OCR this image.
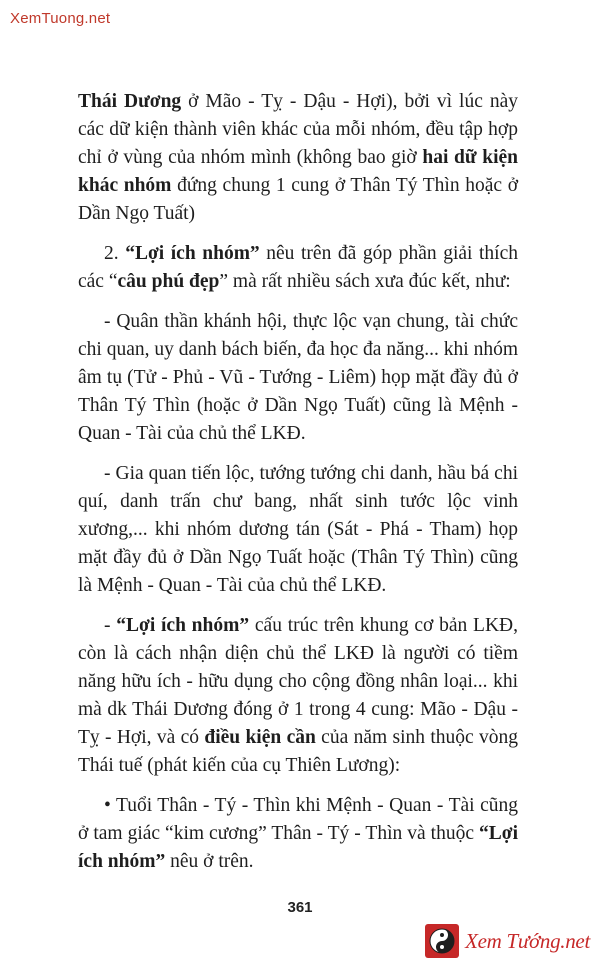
XemTuong.net

Thái Dương ở Mão - Tỵ - Dậu - Hợi), bởi vì lúc này các dữ kiện thành viên khác của mỗi nhóm, đều tập hợp chỉ ở vùng của nhóm mình (không bao giờ hai dữ kiện khác nhóm đứng chung 1 cung ở Thân Tý Thìn hoặc ở Dần Ngọ Tuất)

2. “Lợi ích nhóm” nêu trên đã góp phần giải thích các “câu phú đẹp” mà rất nhiều sách xưa đúc kết, như:

- Quân thần khánh hội, thực lộc vạn chung, tài chức chi quan, uy danh bách biến, đa học đa năng... khi nhóm âm tụ (Tử - Phủ - Vũ - Tướng - Liêm) họp mặt đầy đủ ở Thân Tý Thìn (hoặc ở Dần Ngọ Tuất) cũng là Mệnh - Quan - Tài của chủ thể LKĐ.

- Gia quan tiến lộc, tướng tướng chi danh, hầu bá chi quí, danh trấn chư bang, nhất sinh tước lộc vinh xương,... khi nhóm dương tán (Sát - Phá - Tham) họp mặt đầy đủ ở Dần Ngọ Tuất hoặc (Thân Tý Thìn) cũng là Mệnh - Quan - Tài của chủ thể LKĐ.

- “Lợi ích nhóm” cấu trúc trên khung cơ bản LKĐ, còn là cách nhận diện chủ thể LKĐ là người có tiềm năng hữu ích - hữu dụng cho cộng đồng nhân loại... khi mà dk Thái Dương đóng ở 1 trong 4 cung: Mão - Dậu - Tỵ - Hợi, và có điều kiện cần của năm sinh thuộc vòng Thái tuế (phát kiến của cụ Thiên Lương):

• Tuổi Thân - Tý - Thìn khi Mệnh - Quan - Tài cũng ở tam giác “kim cương” Thân - Tý - Thìn và thuộc “Lợi ích nhóm” nêu ở trên.

361
Xem Tướng.net
